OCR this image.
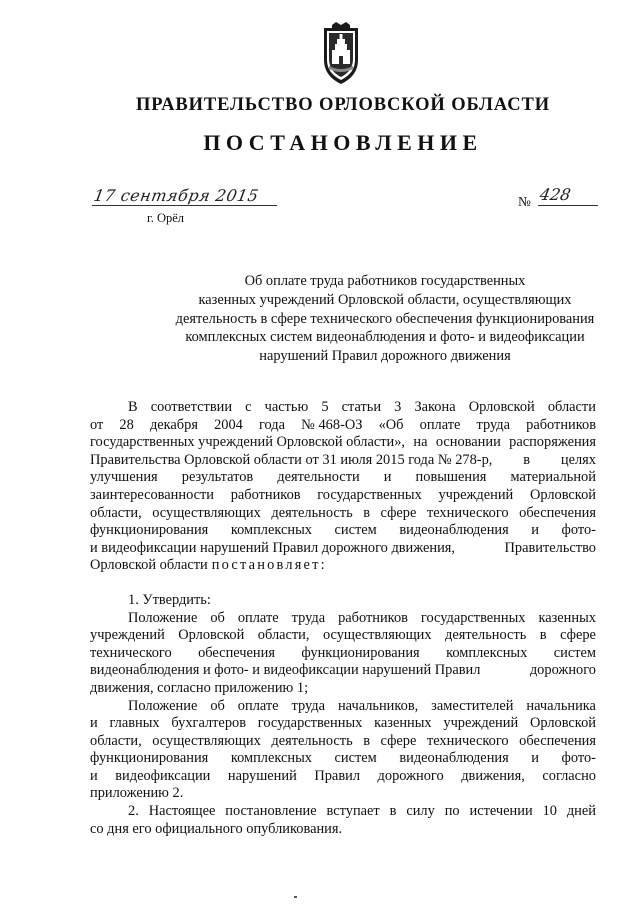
ПРАВИТЕЛЬСТВО ОРЛОВСКОЙ ОБЛАСТИ
ПОСТАНОВЛЕНИЕ
17 сентября 2015
г. Орёл
№ 428
Об оплате труда работников государственных
казенных учреждений Орловской области, осуществляющих
деятельность в сфере технического обеспечения функционирования
комплексных систем видеонаблюдения и фото- и видеофиксации
нарушений Правил дорожного движения
В соответствии с частью 5 статьи 3 Закона Орловской области
от 28 декабря 2004 года № 468-ОЗ «Об оплате труда работников
государственных учреждений Орловской области», на основании распоряжения
Правительства Орловской области от 31 июля 2015 года № 278-р, в целях
улучшения результатов деятельности и повышения материальной
заинтересованности работников государственных учреждений Орловской
области, осуществляющих деятельность в сфере технического обеспечения
функционирования комплексных систем видеонаблюдения и фото-
и видеофиксации нарушений Правил дорожного движения,	Правительство
Орловской области постановляет:
1. Утвердить:
Положение об оплате труда работников государственных казенных
учреждений Орловской области, осуществляющих деятельность в сфере
технического обеспечения функционирования комплексных систем
видеонаблюдения и фото- и видеофиксации нарушений Правил	дорожного
движения, согласно приложению 1;
Положение об оплате труда начальников, заместителей начальника
и главных бухгалтеров государственных казенных учреждений Орловской
области, осуществляющих деятельность в сфере технического обеспечения
функционирования комплексных систем видеонаблюдения и фото-
и видеофиксации нарушений Правил дорожного движения, согласно
приложению 2.
2. Настоящее постановление вступает в силу по истечении 10 дней
со дня его официального опубликования.
